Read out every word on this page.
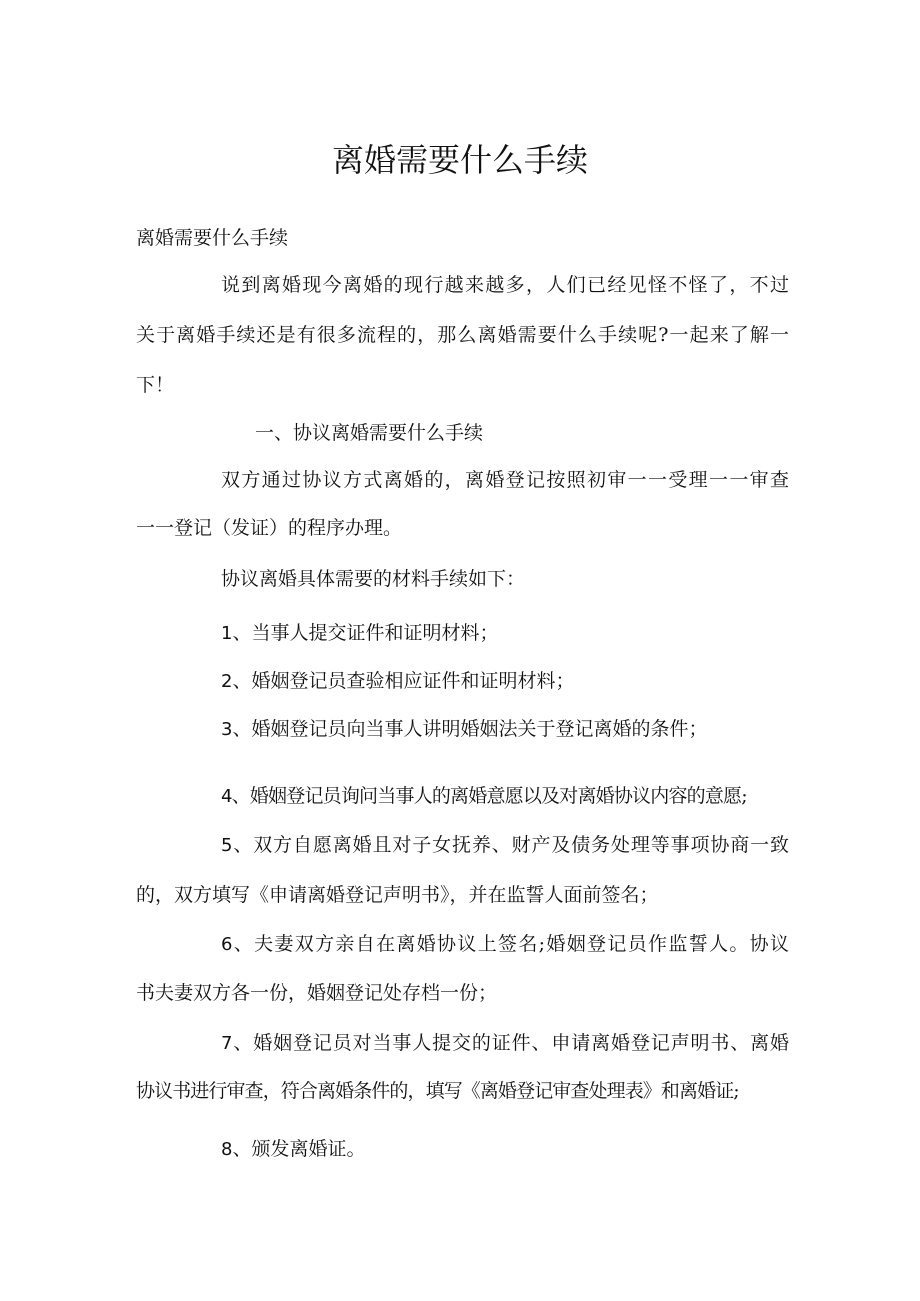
离婚需要什么手续

离婚需要什么手续

说到离婚现今离婚的现行越来越多，人们已经见怪不怪了，不过

关于离婚手续还是有很多流程的，那么离婚需要什么手续呢?一起来了解一

下！

一、协议离婚需要什么手续

双方通过协议方式离婚的，离婚登记按照初审一一受理一一审查

一一登记（发证）的程序办理。

协议离婚具体需要的材料手续如下：

1、当事人提交证件和证明材料；

2、婚姻登记员查验相应证件和证明材料；

3、婚姻登记员向当事人讲明婚姻法关于登记离婚的条件；

4、婚姻登记员询问当事人的离婚意愿以及对离婚协议内容的意愿;

5、双方自愿离婚且对子女抚养、财产及债务处理等事项协商一致

的，双方填写《申请离婚登记声明书》，并在监誓人面前签名；

6、夫妻双方亲自在离婚协议上签名;婚姻登记员作监誓人。协议

书夫妻双方各一份，婚姻登记处存档一份；

7、婚姻登记员对当事人提交的证件、申请离婚登记声明书、离婚

协议书进行审查，符合离婚条件的，填写《离婚登记审查处理表》和离婚证;

8、颁发离婚证。
